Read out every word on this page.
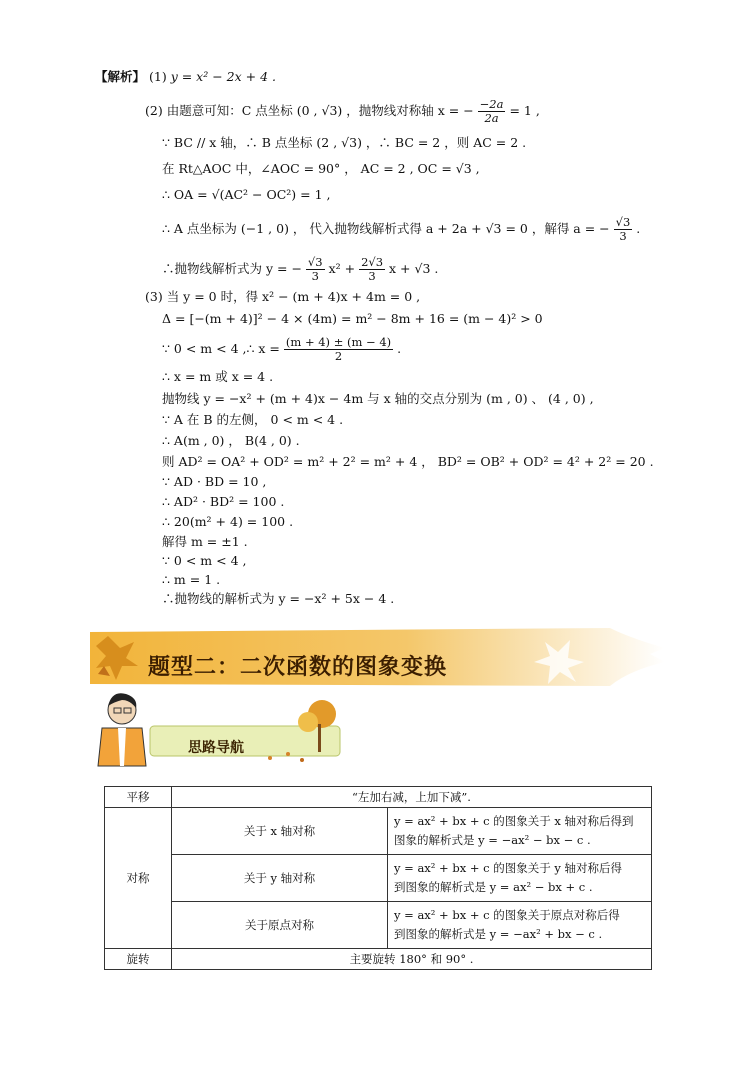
【解析】 (1) y = x² − 2x + 4 .
(2) 由题意可知：C 点坐标 (0 , √3) ，抛物线对称轴 x = − $\frac{-2a}{2a} = 1$ ,
∵ BC // x 轴，∴ B 点坐标 (2 , √3) ，∴ BC = 2 ，则 AC = 2 .
在 Rt△AOC 中，∠AOC = 90° ， AC = 2 , OC = √3 ,
∴ OA = √(AC² − OC²) = 1 ,
∴ A 点坐标为 (−1 , 0) ， 代入抛物线解析式得 a + 2a + √3 = 0 ，解得 a = − $\frac{√3}{3}$ .
∴抛物线解析式为 y = − $\frac{√3}{3} x^2 + \frac{2√3}{3}$ x + √3 .
(3) 当 y = 0 时，得 x² − (m + 4)x + 4m = 0 ,
Δ = [−(m + 4)]² − 4 × (4m) = m² − 8m + 16 = (m − 4)² > 0
∵ 0 < m < 4 ,∴ $x = \frac{(m + 4) \pm (m - 4)}{2}$ .
∴ x = m 或 x = 4 .
抛物线 y = −x² + (m + 4)x − 4m 与 x 轴的交点分别为 (m , 0) 、 (4 , 0) ,
∵ A 在 B 的左侧， 0 < m < 4 .
∴ A(m , 0) ， B(4 , 0) .
则 AD² = OA² + OD² = m² + 2² = m² + 4 ， BD² = OB² + OD² = 4² + 2² = 20 .
∵ AD · BD = 10 ,
∴ AD² · BD² = 100 .
∴ 20(m² + 4) = 100 .
解得 m = ±1 .
∵ 0 < m < 4 ,
∴ m = 1 .
∴抛物线的解析式为 y = −x² + 5x − 4 .
题型二：二次函数的图象变换
思路导航
平移	“左加右减，上加下减”.	
对称	关于 x 轴对称	y = ax² + bx + c 的图象关于 x 轴对称后得到
图象的解析式是 y = −ax² − bx − c .

	关于 y 轴对称	y = ax² + bx + c 的图象关于 y 轴对称后得
到图象的解析式是 y = ax² − bx + c .

	关于原点对称	y = ax² + bx + c 的图象关于原点对称后得
到图象的解析式是 y = −ax² + bx − c .

旋转	主要旋转 180° 和 90° .	
